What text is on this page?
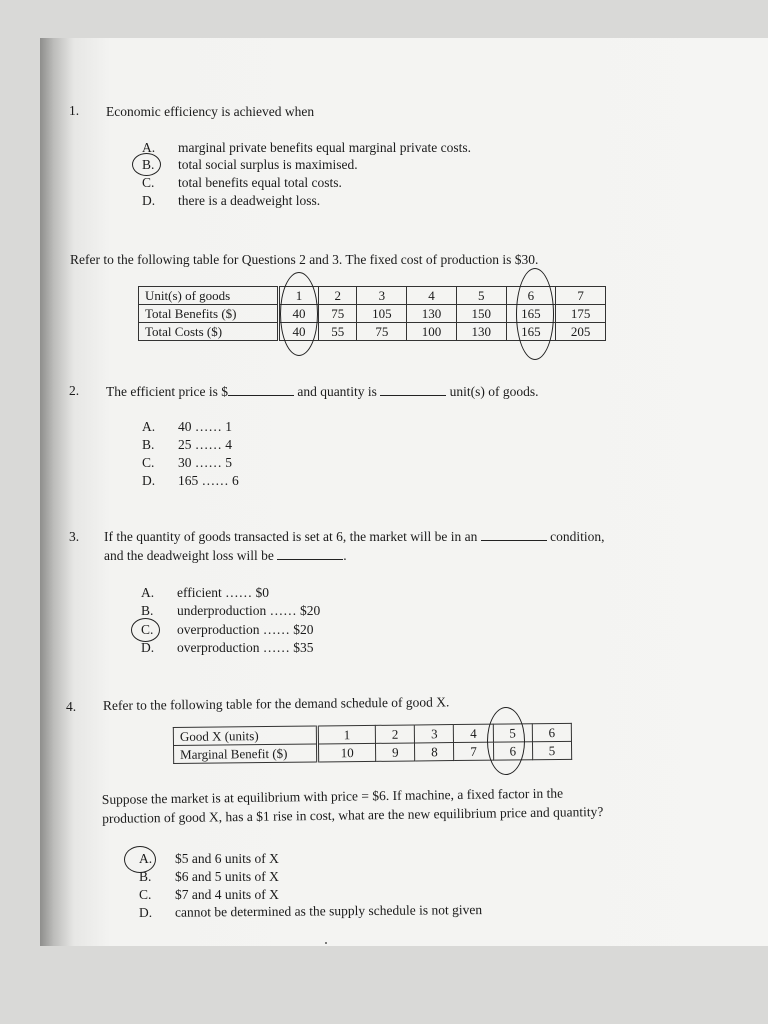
1. Economic efficiency is achieved when
A. marginal private benefits equal marginal private costs.
B. total social surplus is maximised.
C. total benefits equal total costs.
D. there is a deadweight loss.
Refer to the following table for Questions 2 and 3. The fixed cost of production is $30.
Unit(s) of goods	1	2	3	4	5	6	7
Total Benefits ($)	40	75	105	130	150	165	175
Total Costs ($)	40	55	75	100	130	165	205
2. The efficient price is $	and quantity is	unit(s) of goods.
A. 40 …… 1
B. 25 …… 4
C. 30 …… 5
D. 165 …… 6
3. If the quantity of goods transacted is set at 6, the market will be in an	condition,
and the deadweight loss will be	.
A. efficient …… $0
B. underproduction …… $20
C. overproduction …… $20
D. overproduction …… $35
4. Refer to the following table for the demand schedule of good X.
Good X (units)	1	2	3	4	5	6
Marginal Benefit ($)	10	9	8	7	6	5
Suppose the market is at equilibrium with price = $6. If machine, a fixed factor in the
production of good X, has a $1 rise in cost, what are the new equilibrium price and quantity?
A. $5 and 6 units of X
B. $6 and 5 units of X
C. $7 and 4 units of X
D. cannot be determined as the supply schedule is not given
